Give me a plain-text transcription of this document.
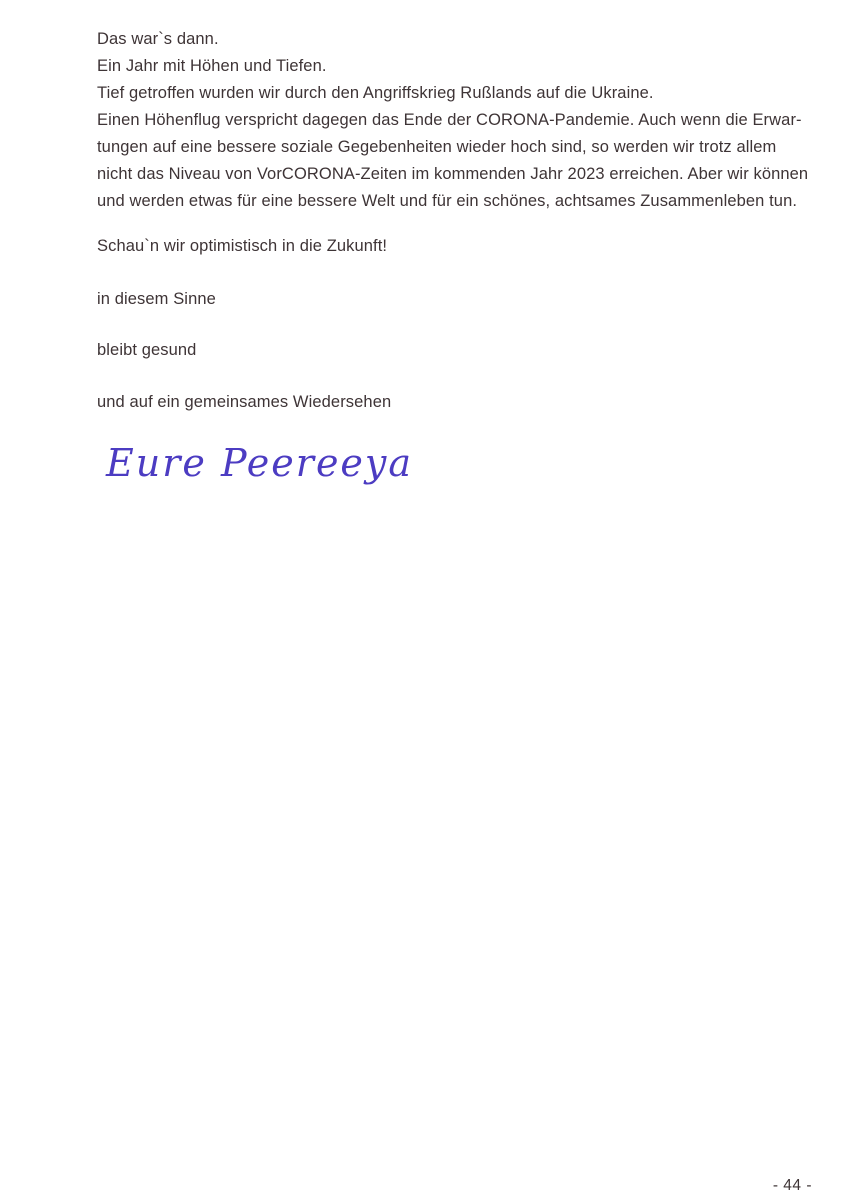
Das war`s dann.
Ein Jahr mit Höhen und Tiefen.
Tief getroffen wurden wir durch den Angriffskrieg Rußlands auf die Ukraine.
Einen Höhenflug verspricht dagegen das Ende der CORONA-Pandemie. Auch wenn die Erwar-
tungen auf eine bessere soziale Gegebenheiten wieder hoch sind, so werden wir trotz allem
nicht das Niveau von VorCORONA-Zeiten im kommenden Jahr 2023 erreichen. Aber wir können
und werden etwas für eine bessere Welt und für ein schönes, achtsames Zusammenleben tun.
Schau`n wir optimistisch in die Zukunft!
in diesem Sinne
bleibt gesund
und auf ein gemeinsames Wiedersehen
Eure Peereeya
- 44 -
